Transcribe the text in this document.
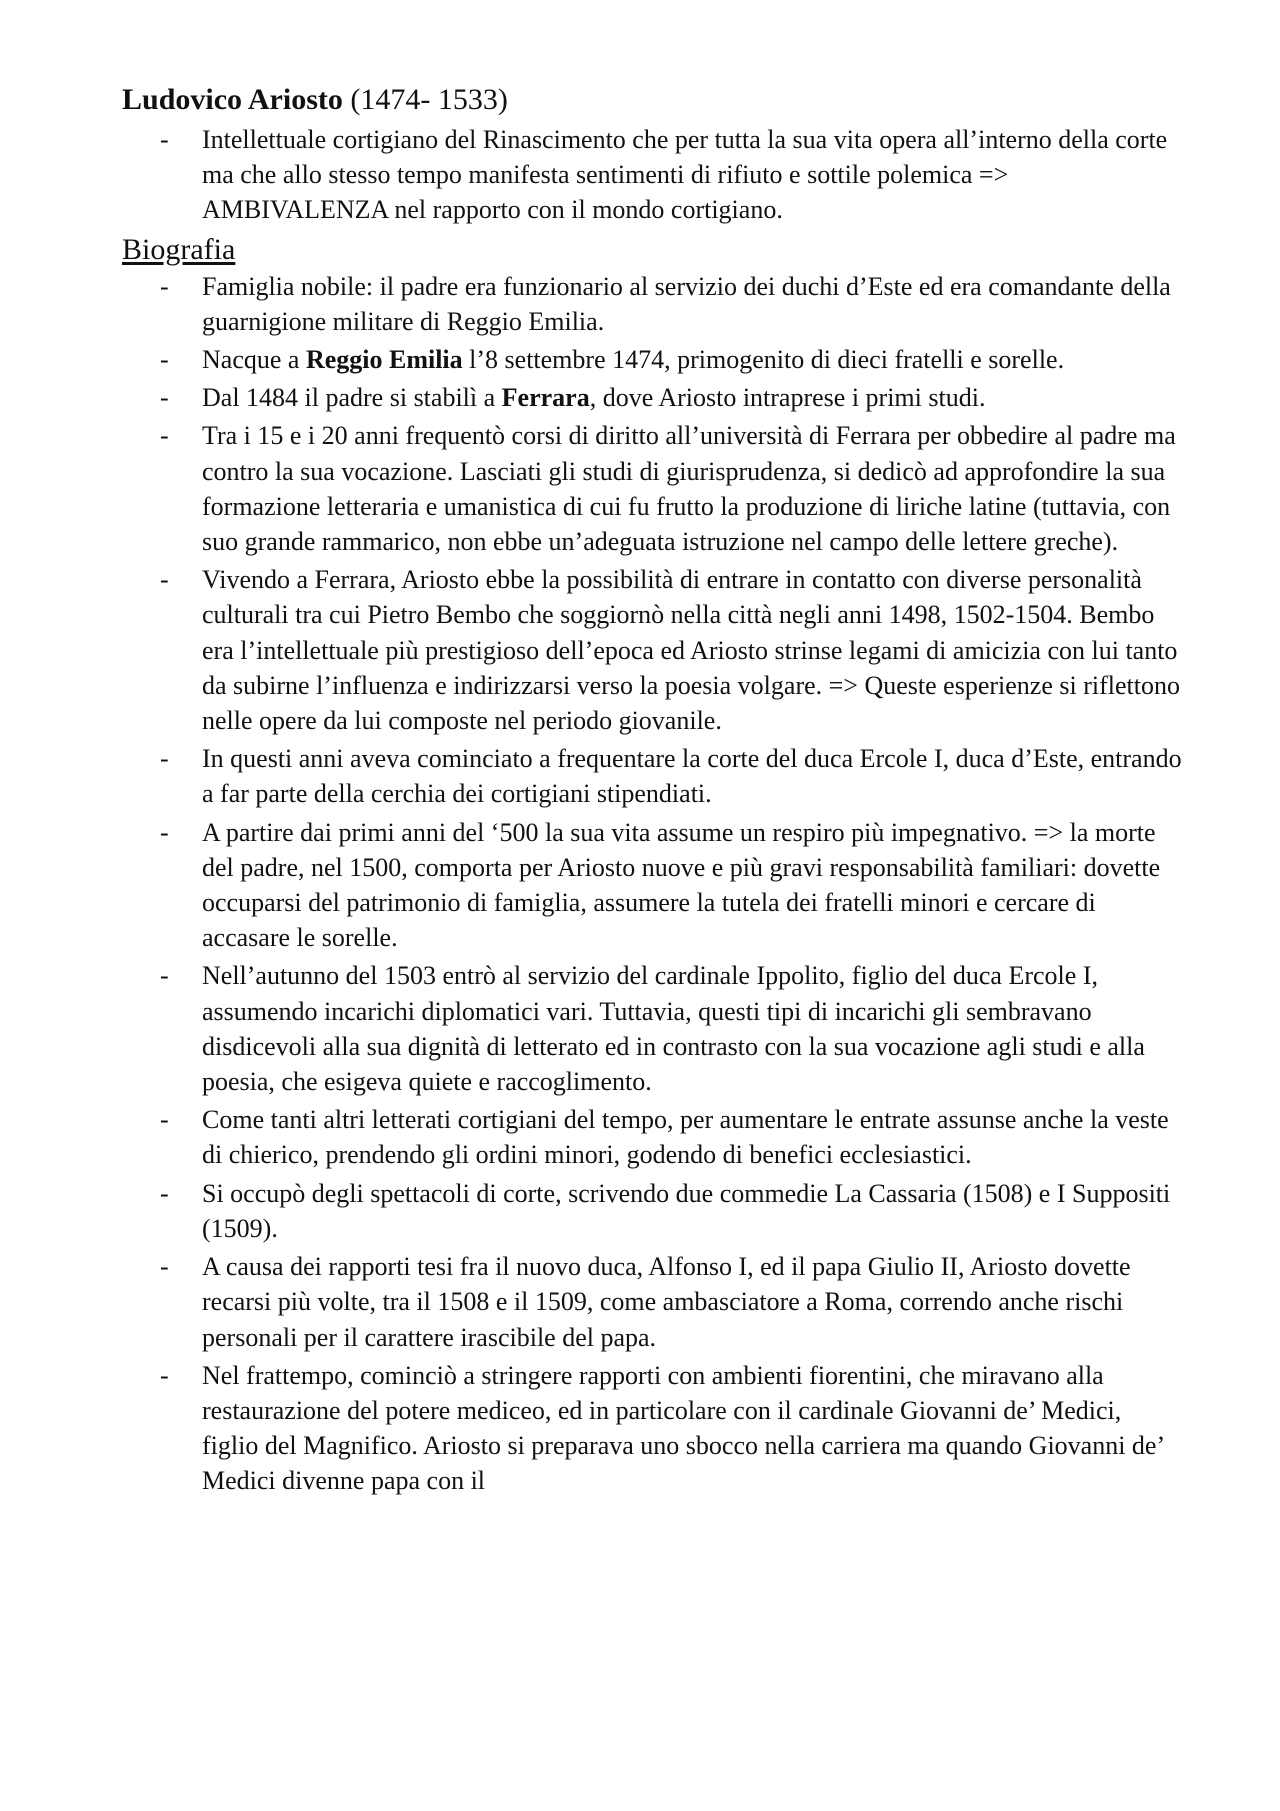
Ludovico Ariosto (1474- 1533)
- Intellettuale cortigiano del Rinascimento che per tutta la sua vita opera all’interno della corte ma che allo stesso tempo manifesta sentimenti di rifiuto e sottile polemica => AMBIVALENZA nel rapporto con il mondo cortigiano.
Biografia
- Famiglia nobile: il padre era funzionario al servizio dei duchi d’Este ed era comandante della guarnigione militare di Reggio Emilia.
- Nacque a Reggio Emilia l’8 settembre 1474, primogenito di dieci fratelli e sorelle.
- Dal 1484 il padre si stabilì a Ferrara, dove Ariosto intraprese i primi studi.
- Tra i 15 e i 20 anni frequentò corsi di diritto all’università di Ferrara per obbedire al padre ma contro la sua vocazione. Lasciati gli studi di giurisprudenza, si dedicò ad approfondire la sua formazione letteraria e umanistica di cui fu frutto la produzione di liriche latine (tuttavia, con suo grande rammarico, non ebbe un’adeguata istruzione nel campo delle lettere greche).
- Vivendo a Ferrara, Ariosto ebbe la possibilità di entrare in contatto con diverse personalità culturali tra cui Pietro Bembo che soggiornò nella città negli anni 1498, 1502-1504. Bembo era l’intellettuale più prestigioso dell’epoca ed Ariosto strinse legami di amicizia con lui tanto da subirne l’influenza e indirizzarsi verso la poesia volgare. => Queste esperienze si riflettono nelle opere da lui composte nel periodo giovanile.
- In questi anni aveva cominciato a frequentare la corte del duca Ercole I, duca d’Este, entrando a far parte della cerchia dei cortigiani stipendiati.
- A partire dai primi anni del ‘500 la sua vita assume un respiro più impegnativo. => la morte del padre, nel 1500, comporta per Ariosto nuove e più gravi responsabilità familiari: dovette occuparsi del patrimonio di famiglia, assumere la tutela dei fratelli minori e cercare di accasare le sorelle.
- Nell’autunno del 1503 entrò al servizio del cardinale Ippolito, figlio del duca Ercole I, assumendo incarichi diplomatici vari. Tuttavia, questi tipi di incarichi gli sembravano disdicevoli alla sua dignità di letterato ed in contrasto con la sua vocazione agli studi e alla poesia, che esigeva quiete e raccoglimento.
- Come tanti altri letterati cortigiani del tempo, per aumentare le entrate assunse anche la veste di chierico, prendendo gli ordini minori, godendo di benefici ecclesiastici.
- Si occupò degli spettacoli di corte, scrivendo due commedie La Cassaria (1508) e I Suppositi (1509).
- A causa dei rapporti tesi fra il nuovo duca, Alfonso I, ed il papa Giulio II, Ariosto dovette recarsi più volte, tra il 1508 e il 1509, come ambasciatore a Roma, correndo anche rischi personali per il carattere irascibile del papa.
- Nel frattempo, cominciò a stringere rapporti con ambienti fiorentini, che miravano alla restaurazione del potere mediceo, ed in particolare con il cardinale Giovanni de’ Medici, figlio del Magnifico. Ariosto si preparava uno sbocco nella carriera ma quando Giovanni de’ Medici divenne papa con il
